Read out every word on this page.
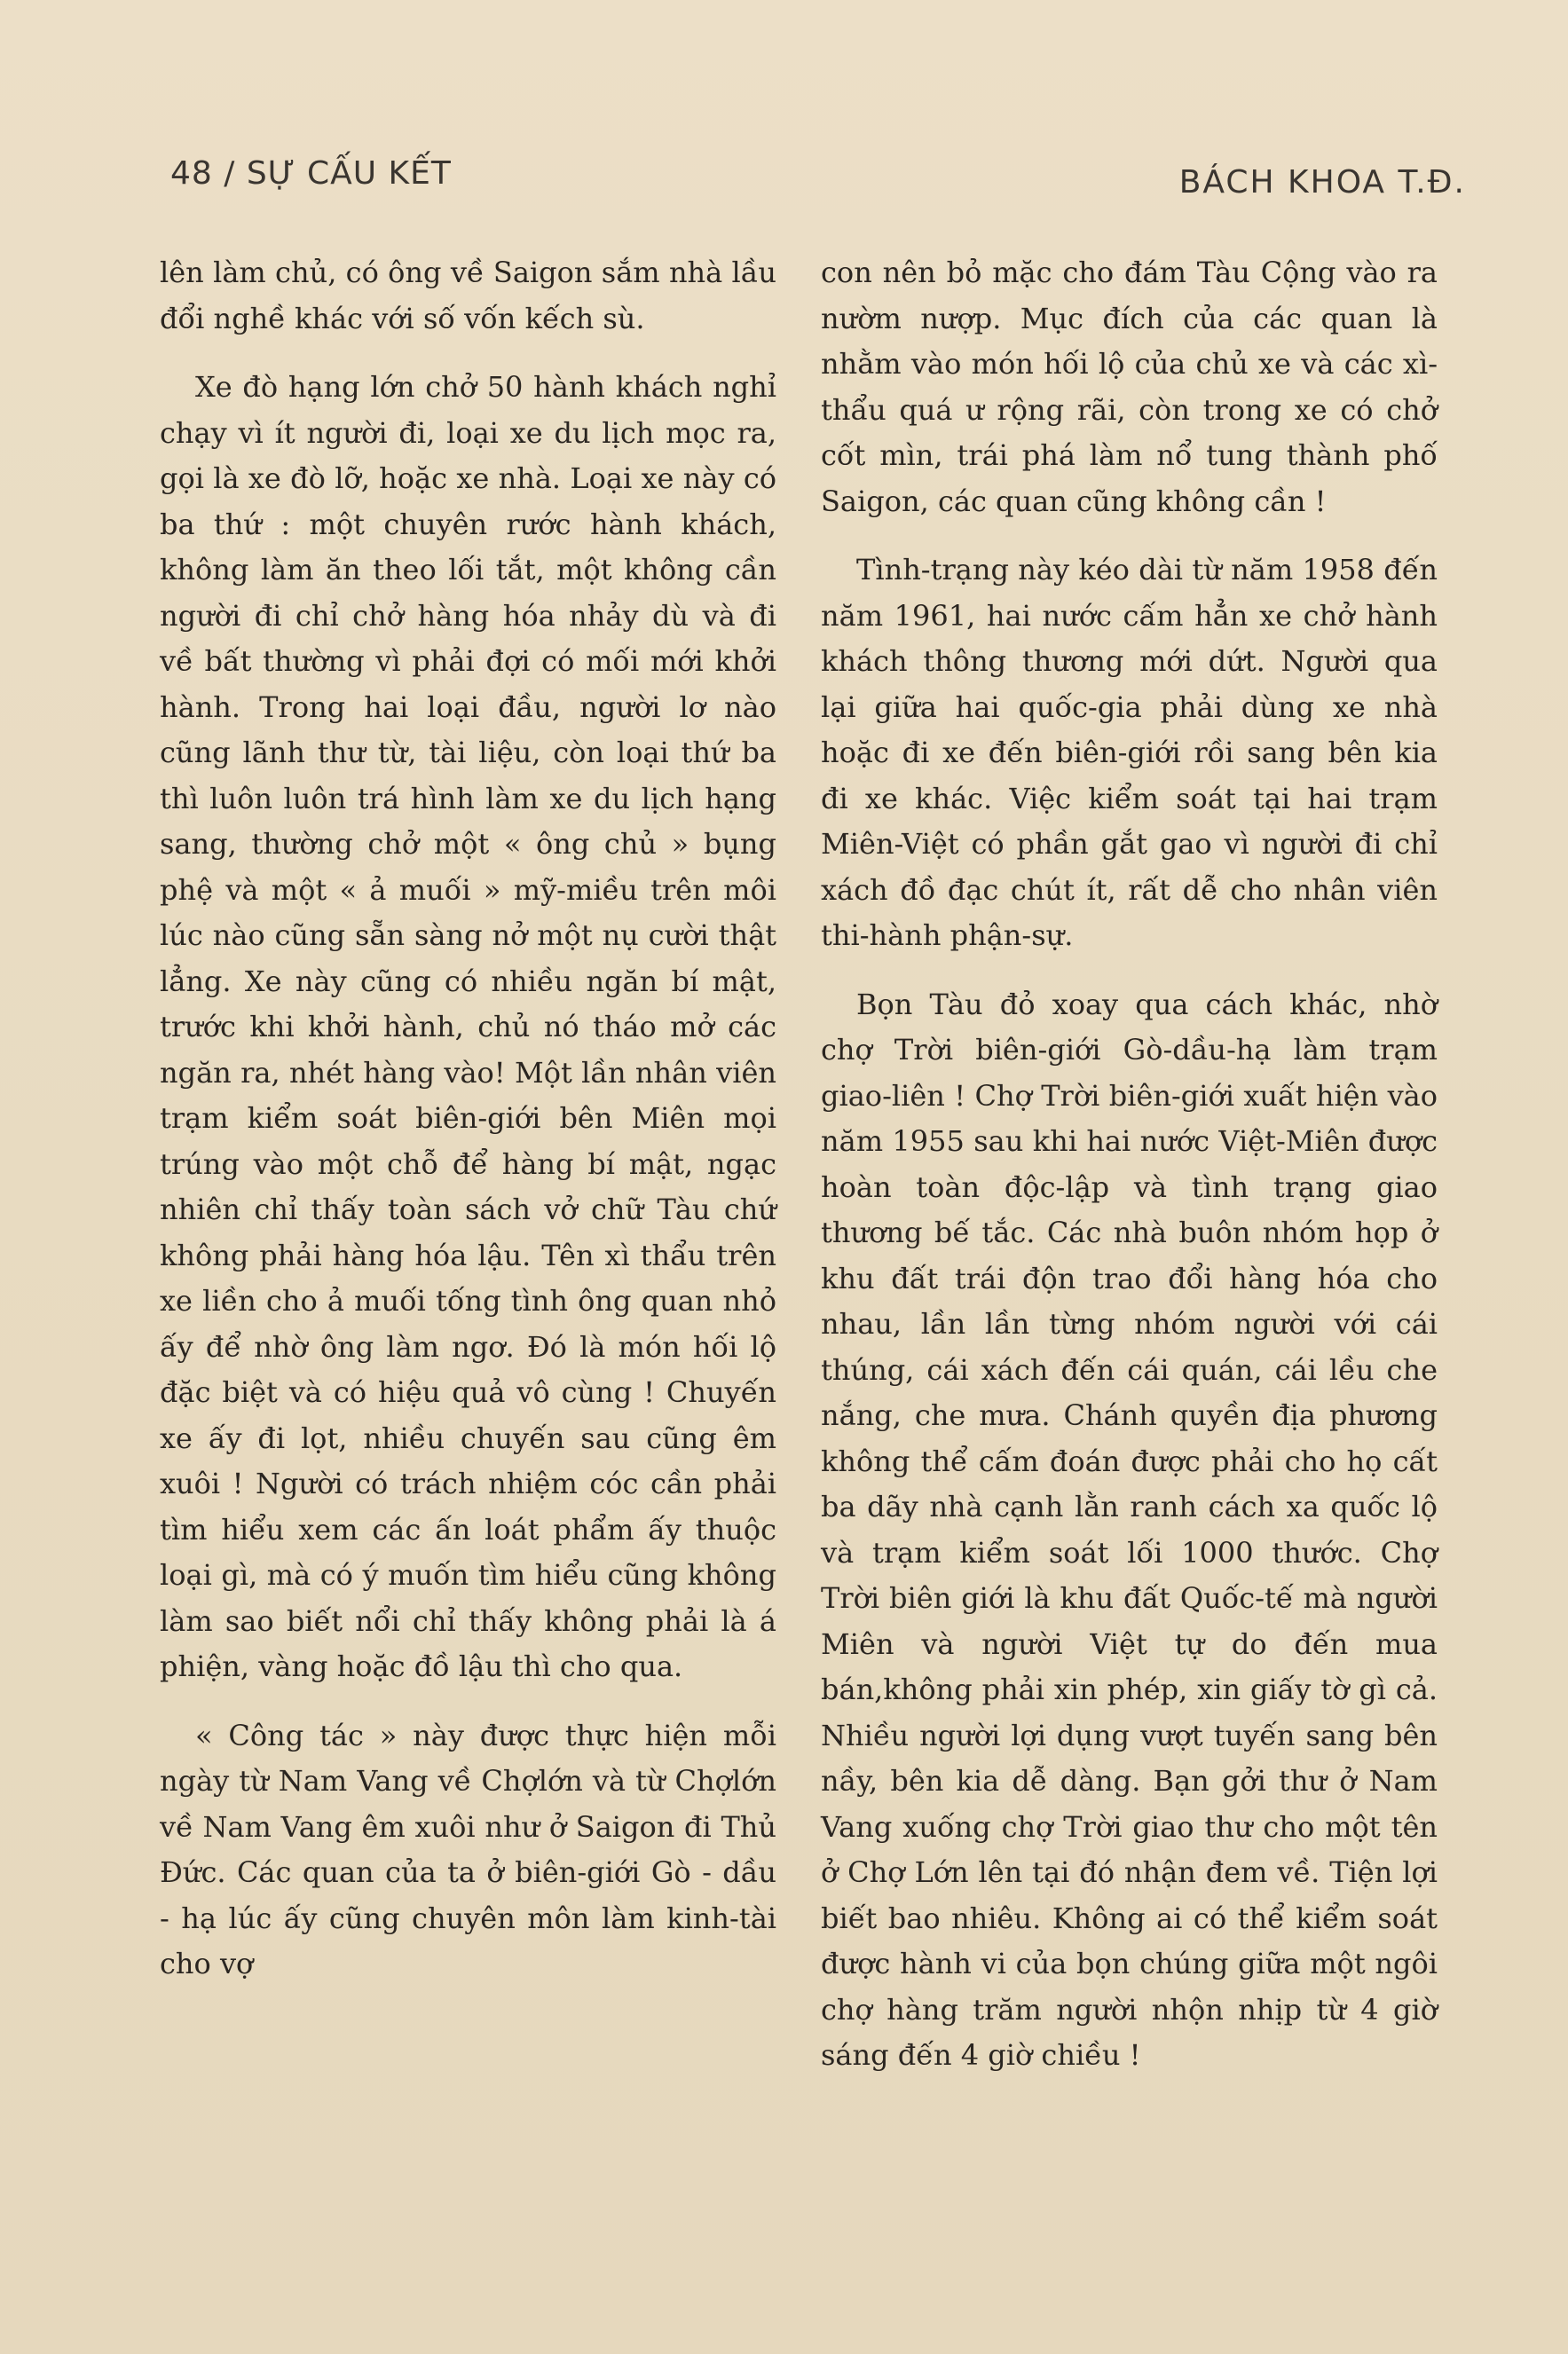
48 / SỰ CẤU KẾT	BÁCH KHOA T.Đ.

lên làm chủ, có ông về Saigon sắm nhà lầu đổi nghề khác với số vốn kếch sù.

Xe đò hạng lớn chở 50 hành khách nghỉ chạy vì ít người đi, loại xe du lịch mọc ra, gọi là xe đò lỡ, hoặc xe nhà. Loại xe này có ba thứ : một chuyên rước hành khách, không làm ăn theo lối tắt, một không cần người đi chỉ chở hàng hóa nhảy dù và đi về bất thường vì phải đợi có mối mới khởi hành. Trong hai loại đầu, người lơ nào cũng lãnh thư từ, tài liệu, còn loại thứ ba thì luôn luôn trá hình làm xe du lịch hạng sang, thường chở một « ông chủ » bụng phệ và một « ả muối » mỹ-miều trên môi lúc nào cũng sẵn sàng nở một nụ cười thật lẳng. Xe này cũng có nhiều ngăn bí mật, trước khi khởi hành, chủ nó tháo mở các ngăn ra, nhét hàng vào! Một lần nhân viên trạm kiểm soát biên-giới bên Miên mọi trúng vào một chỗ để hàng bí mật, ngạc nhiên chỉ thấy toàn sách vở chữ Tàu chứ không phải hàng hóa lậu. Tên xì thẩu trên xe liền cho ả muối tống tình ông quan nhỏ ấy để nhờ ông làm ngơ. Đó là món hối lộ đặc biệt và có hiệu quả vô cùng ! Chuyến xe ấy đi lọt, nhiều chuyến sau cũng êm xuôi ! Người có trách nhiệm cóc cần phải tìm hiểu xem các ấn loát phẩm ấy thuộc loại gì, mà có ý muốn tìm hiểu cũng không làm sao biết nổi chỉ thấy không phải là á phiện, vàng hoặc đồ lậu thì cho qua.

« Công tác » này được thực hiện mỗi ngày từ Nam Vang về Chợlớn và từ Chợlớn về Nam Vang êm xuôi như ở Saigon đi Thủ Đức. Các quan của ta ở biên-giới Gò - dầu - hạ lúc ấy cũng chuyên môn làm kinh-tài cho vợ

con nên bỏ mặc cho đám Tàu Cộng vào ra nườm nượp. Mục đích của các quan là nhằm vào món hối lộ của chủ xe và các xì-thẩu quá ư rộng rãi, còn trong xe có chở cốt mìn, trái phá làm nổ tung thành phố Saigon, các quan cũng không cần !

Tình-trạng này kéo dài từ năm 1958 đến năm 1961, hai nước cấm hẳn xe chở hành khách thông thương mới dứt. Người qua lại giữa hai quốc-gia phải dùng xe nhà hoặc đi xe đến biên-giới rồi sang bên kia đi xe khác. Việc kiểm soát tại hai trạm Miên-Việt có phần gắt gao vì người đi chỉ xách đồ đạc chút ít, rất dễ cho nhân viên thi-hành phận-sự.

Bọn Tàu đỏ xoay qua cách khác, nhờ chợ Trời biên-giới Gò-dầu-hạ làm trạm giao-liên ! Chợ Trời biên-giới xuất hiện vào năm 1955 sau khi hai nước Việt-Miên được hoàn toàn độc-lập và tình trạng giao thương bế tắc. Các nhà buôn nhóm họp ở khu đất trái độn trao đổi hàng hóa cho nhau, lần lần từng nhóm người với cái thúng, cái xách đến cái quán, cái lều che nắng, che mưa. Chánh quyền địa phương không thể cấm đoán được phải cho họ cất ba dãy nhà cạnh lằn ranh cách xa quốc lộ và trạm kiểm soát lối 1000 thước. Chợ Trời biên giới là khu đất Quốc-tế mà người Miên và người Việt tự do đến mua bán,không phải xin phép, xin giấy tờ gì cả. Nhiều người lợi dụng vượt tuyến sang bên nầy, bên kia dễ dàng. Bạn gởi thư ở Nam Vang xuống chợ Trời giao thư cho một tên ở Chợ Lớn lên tại đó nhận đem về. Tiện lợi biết bao nhiêu. Không ai có thể kiểm soát được hành vi của bọn chúng giữa một ngôi chợ hàng trăm người nhộn nhịp từ 4 giờ sáng đến 4 giờ chiều !
